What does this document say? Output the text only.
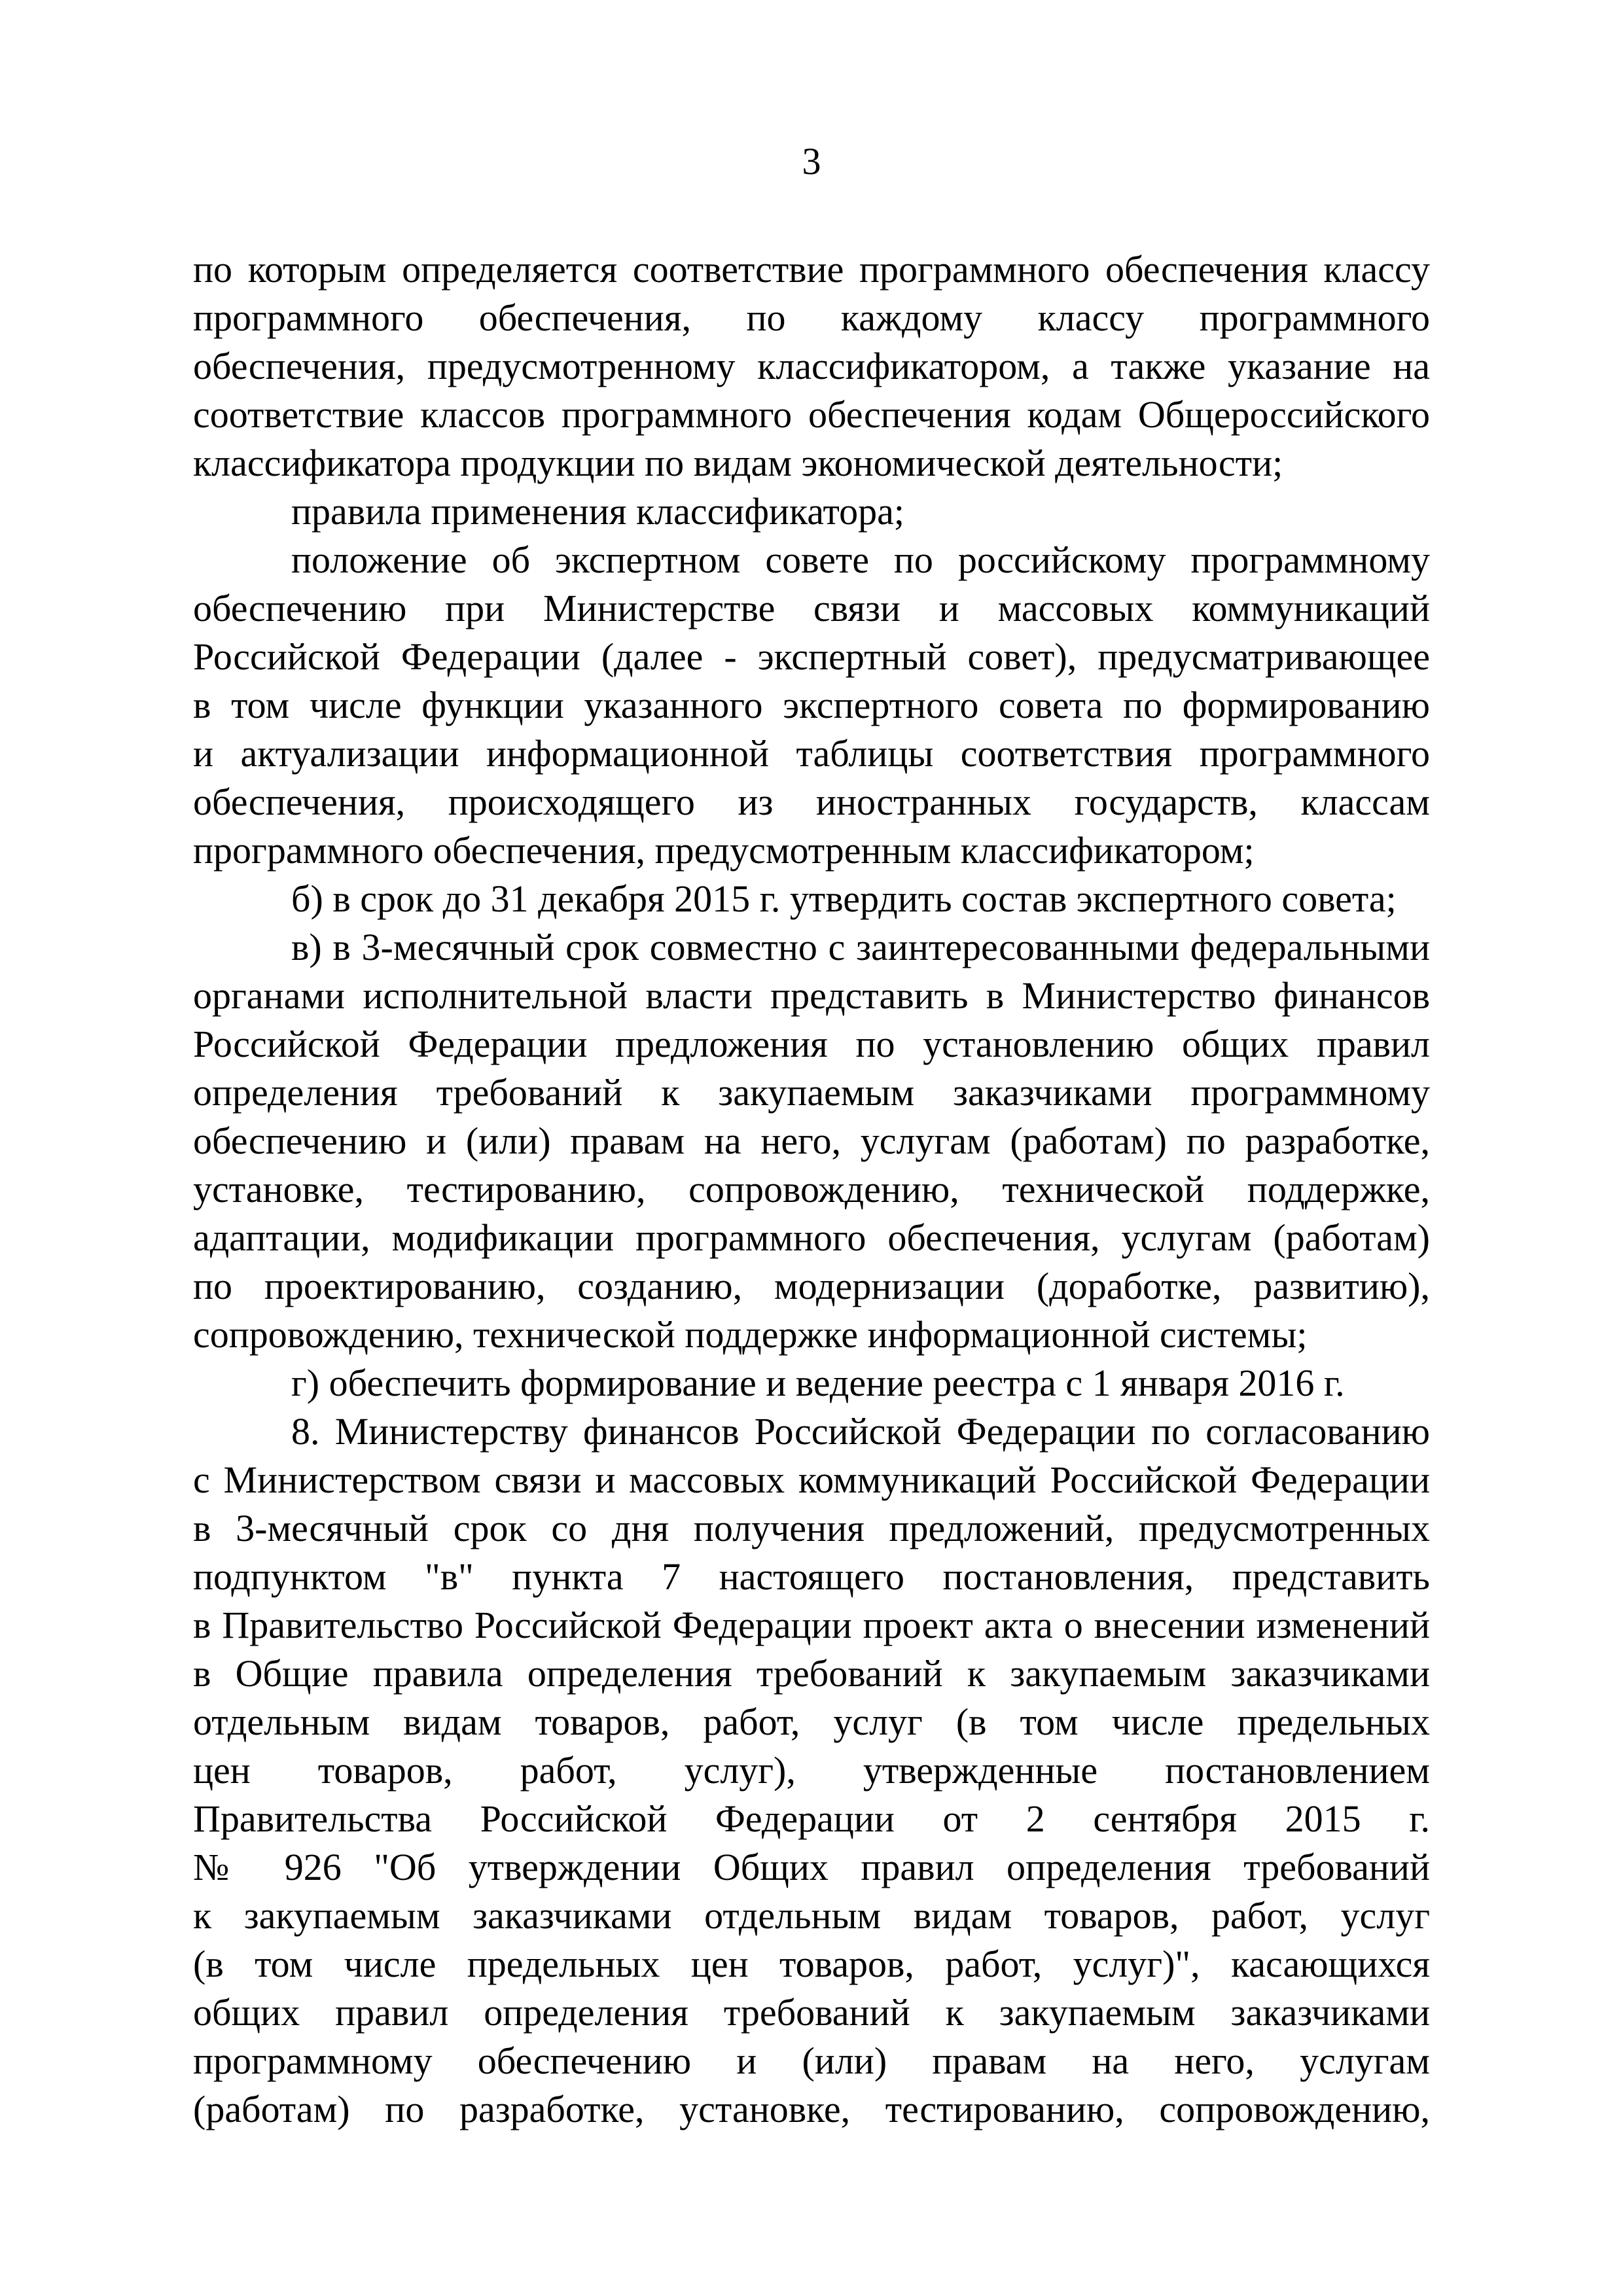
3
по которым определяется соответствие программного обеспечения классу
программного обеспечения, по каждому классу программного
обеспечения, предусмотренному классификатором, а также указание на
соответствие классов программного обеспечения кодам Общероссийского
классификатора продукции по видам экономической деятельности;
правила применения классификатора;
положение об экспертном совете по российскому программному
обеспечению при Министерстве связи и массовых коммуникаций
Российской Федерации (далее - экспертный совет), предусматривающее
в том числе функции указанного экспертного совета по формированию
и актуализации информационной таблицы соответствия программного
обеспечения, происходящего из иностранных государств, классам
программного обеспечения, предусмотренным классификатором;
б) в срок до 31 декабря 2015 г. утвердить состав экспертного совета;
в) в 3-месячный срок совместно с заинтересованными федеральными
органами исполнительной власти представить в Министерство финансов
Российской Федерации предложения по установлению общих правил
определения требований к закупаемым заказчиками программному
обеспечению и (или) правам на него, услугам (работам) по разработке,
установке, тестированию, сопровождению, технической поддержке,
адаптации, модификации программного обеспечения, услугам (работам)
по проектированию, созданию, модернизации (доработке, развитию),
сопровождению, технической поддержке информационной системы;
г) обеспечить формирование и ведение реестра с 1 января 2016 г.
8. Министерству финансов Российской Федерации по согласованию
с Министерством связи и массовых коммуникаций Российской Федерации
в 3-месячный срок со дня получения предложений, предусмотренных
подпунктом "в" пункта 7 настоящего постановления, представить
в Правительство Российской Федерации проект акта о внесении изменений
в Общие правила определения требований к закупаемым заказчиками
отдельным видам товаров, работ, услуг (в том числе предельных
цен товаров, работ, услуг), утвержденные постановлением
Правительства Российской Федерации от 2 сентября 2015 г.
№ 926 "Об утверждении Общих правил определения требований
к закупаемым заказчиками отдельным видам товаров, работ, услуг
(в том числе предельных цен товаров, работ, услуг)", касающихся
общих правил определения требований к закупаемым заказчиками
программному обеспечению и (или) правам на него, услугам
(работам) по разработке, установке, тестированию, сопровождению,
